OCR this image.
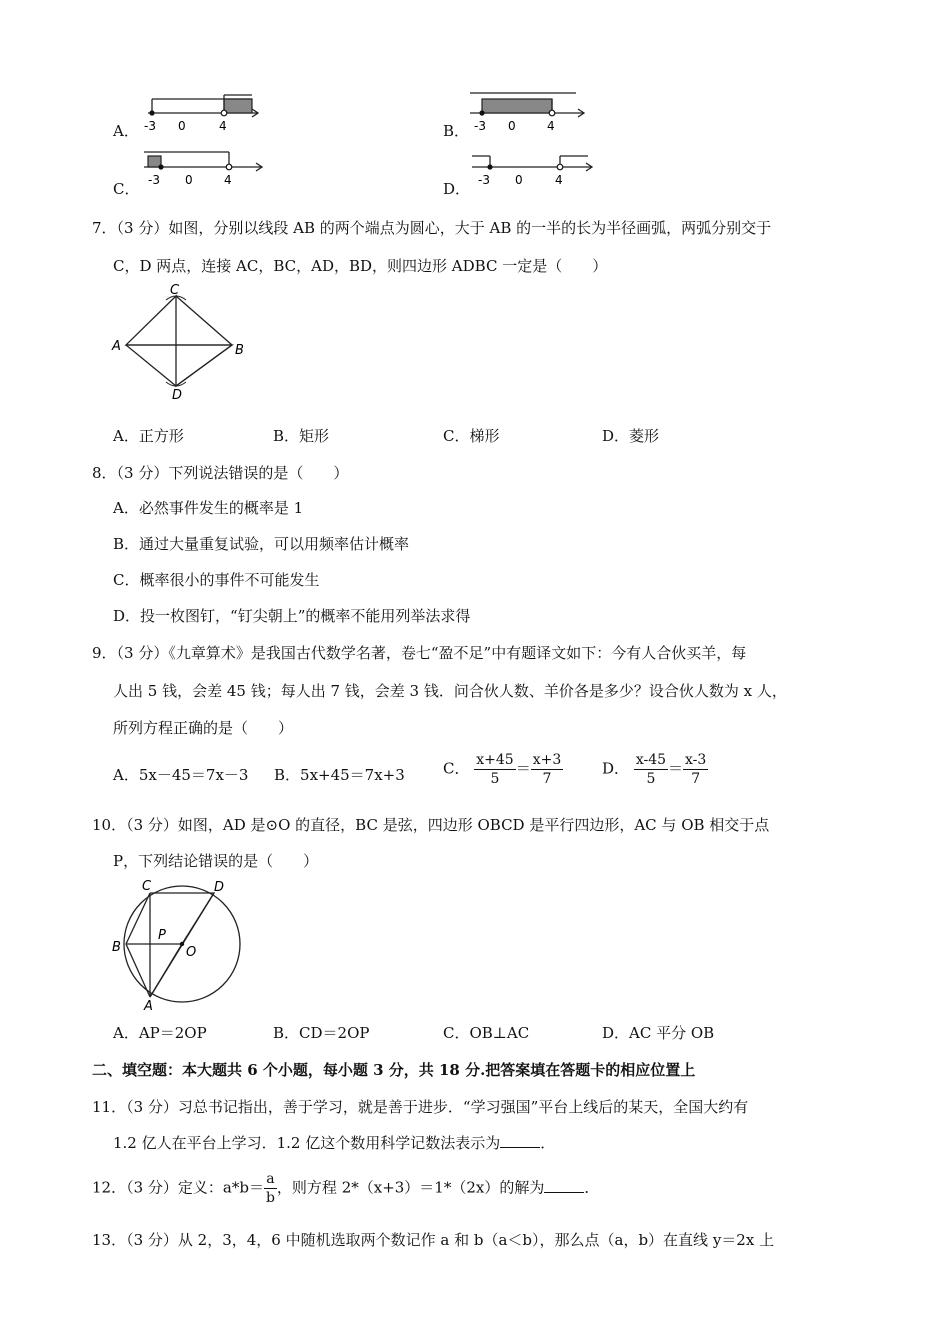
A． -3 0	4	B． -3 0	4
C． -3 0	4	D． -3 0	4
7．（3 分）如图，分别以线段 AB 的两个端点为圆心，大于 AB 的一半的长为半径画弧，两弧分别交于
C，D 两点，连接 AC，BC，AD，BD，则四边形 ADBC 一定是（　　）
C
A	B
D
A．正方形	B．矩形	C．梯形	D．菱形
8．（3 分）下列说法错误的是（　　）
A．必然事件发生的概率是 1
B．通过大量重复试验，可以用频率估计概率
C．概率很小的事件不可能发生
D．投一枚图钉，“钉尖朝上”的概率不能用列举法求得
9．（3 分）《九章算术》是我国古代数学名著，卷七“盈不足”中有题译文如下：今有人合伙买羊，每
人出 5 钱，会差 45 钱；每人出 7 钱，会差 3 钱．问合伙人数、羊价各是多少？设合伙人数为 x 人，
所列方程正确的是（　　）
A．5x－45＝7x－3 B．5x+45＝7x+3	C． $\frac{x+45}{5} = \frac{x+3}{7}$	D． $\frac{x-45}{5} = \frac{x-3}{7}$
10．（3 分）如图，AD 是⊙O 的直径，BC 是弦，四边形 OBCD 是平行四边形，AC 与 OB 相交于点
P，下列结论错误的是（　　）
C	D
B
P
O
A
A．AP＝2OP	B．CD＝2OP	C．OB⊥AC	D．AC 平分 OB
二、填空题：本大题共 6 个小题，每小题 3 分，共 18 分.把答案填在答题卡的相应位置上
11．（3 分）习总书记指出，善于学习，就是善于进步．“学习强国”平台上线后的某天，全国大约有
1.2 亿人在平台上学习．1.2 亿这个数用科学记数法表示为	．
12．（3 分）定义：$a*b= \frac{a}{b}$ ，则方程 2*（x+3）＝1*（2x）的解为	．
13．（3 分）从 2，3，4，6 中随机选取两个数记作 a 和 b（a＜b），那么点（a，b）在直线 y＝2x 上
